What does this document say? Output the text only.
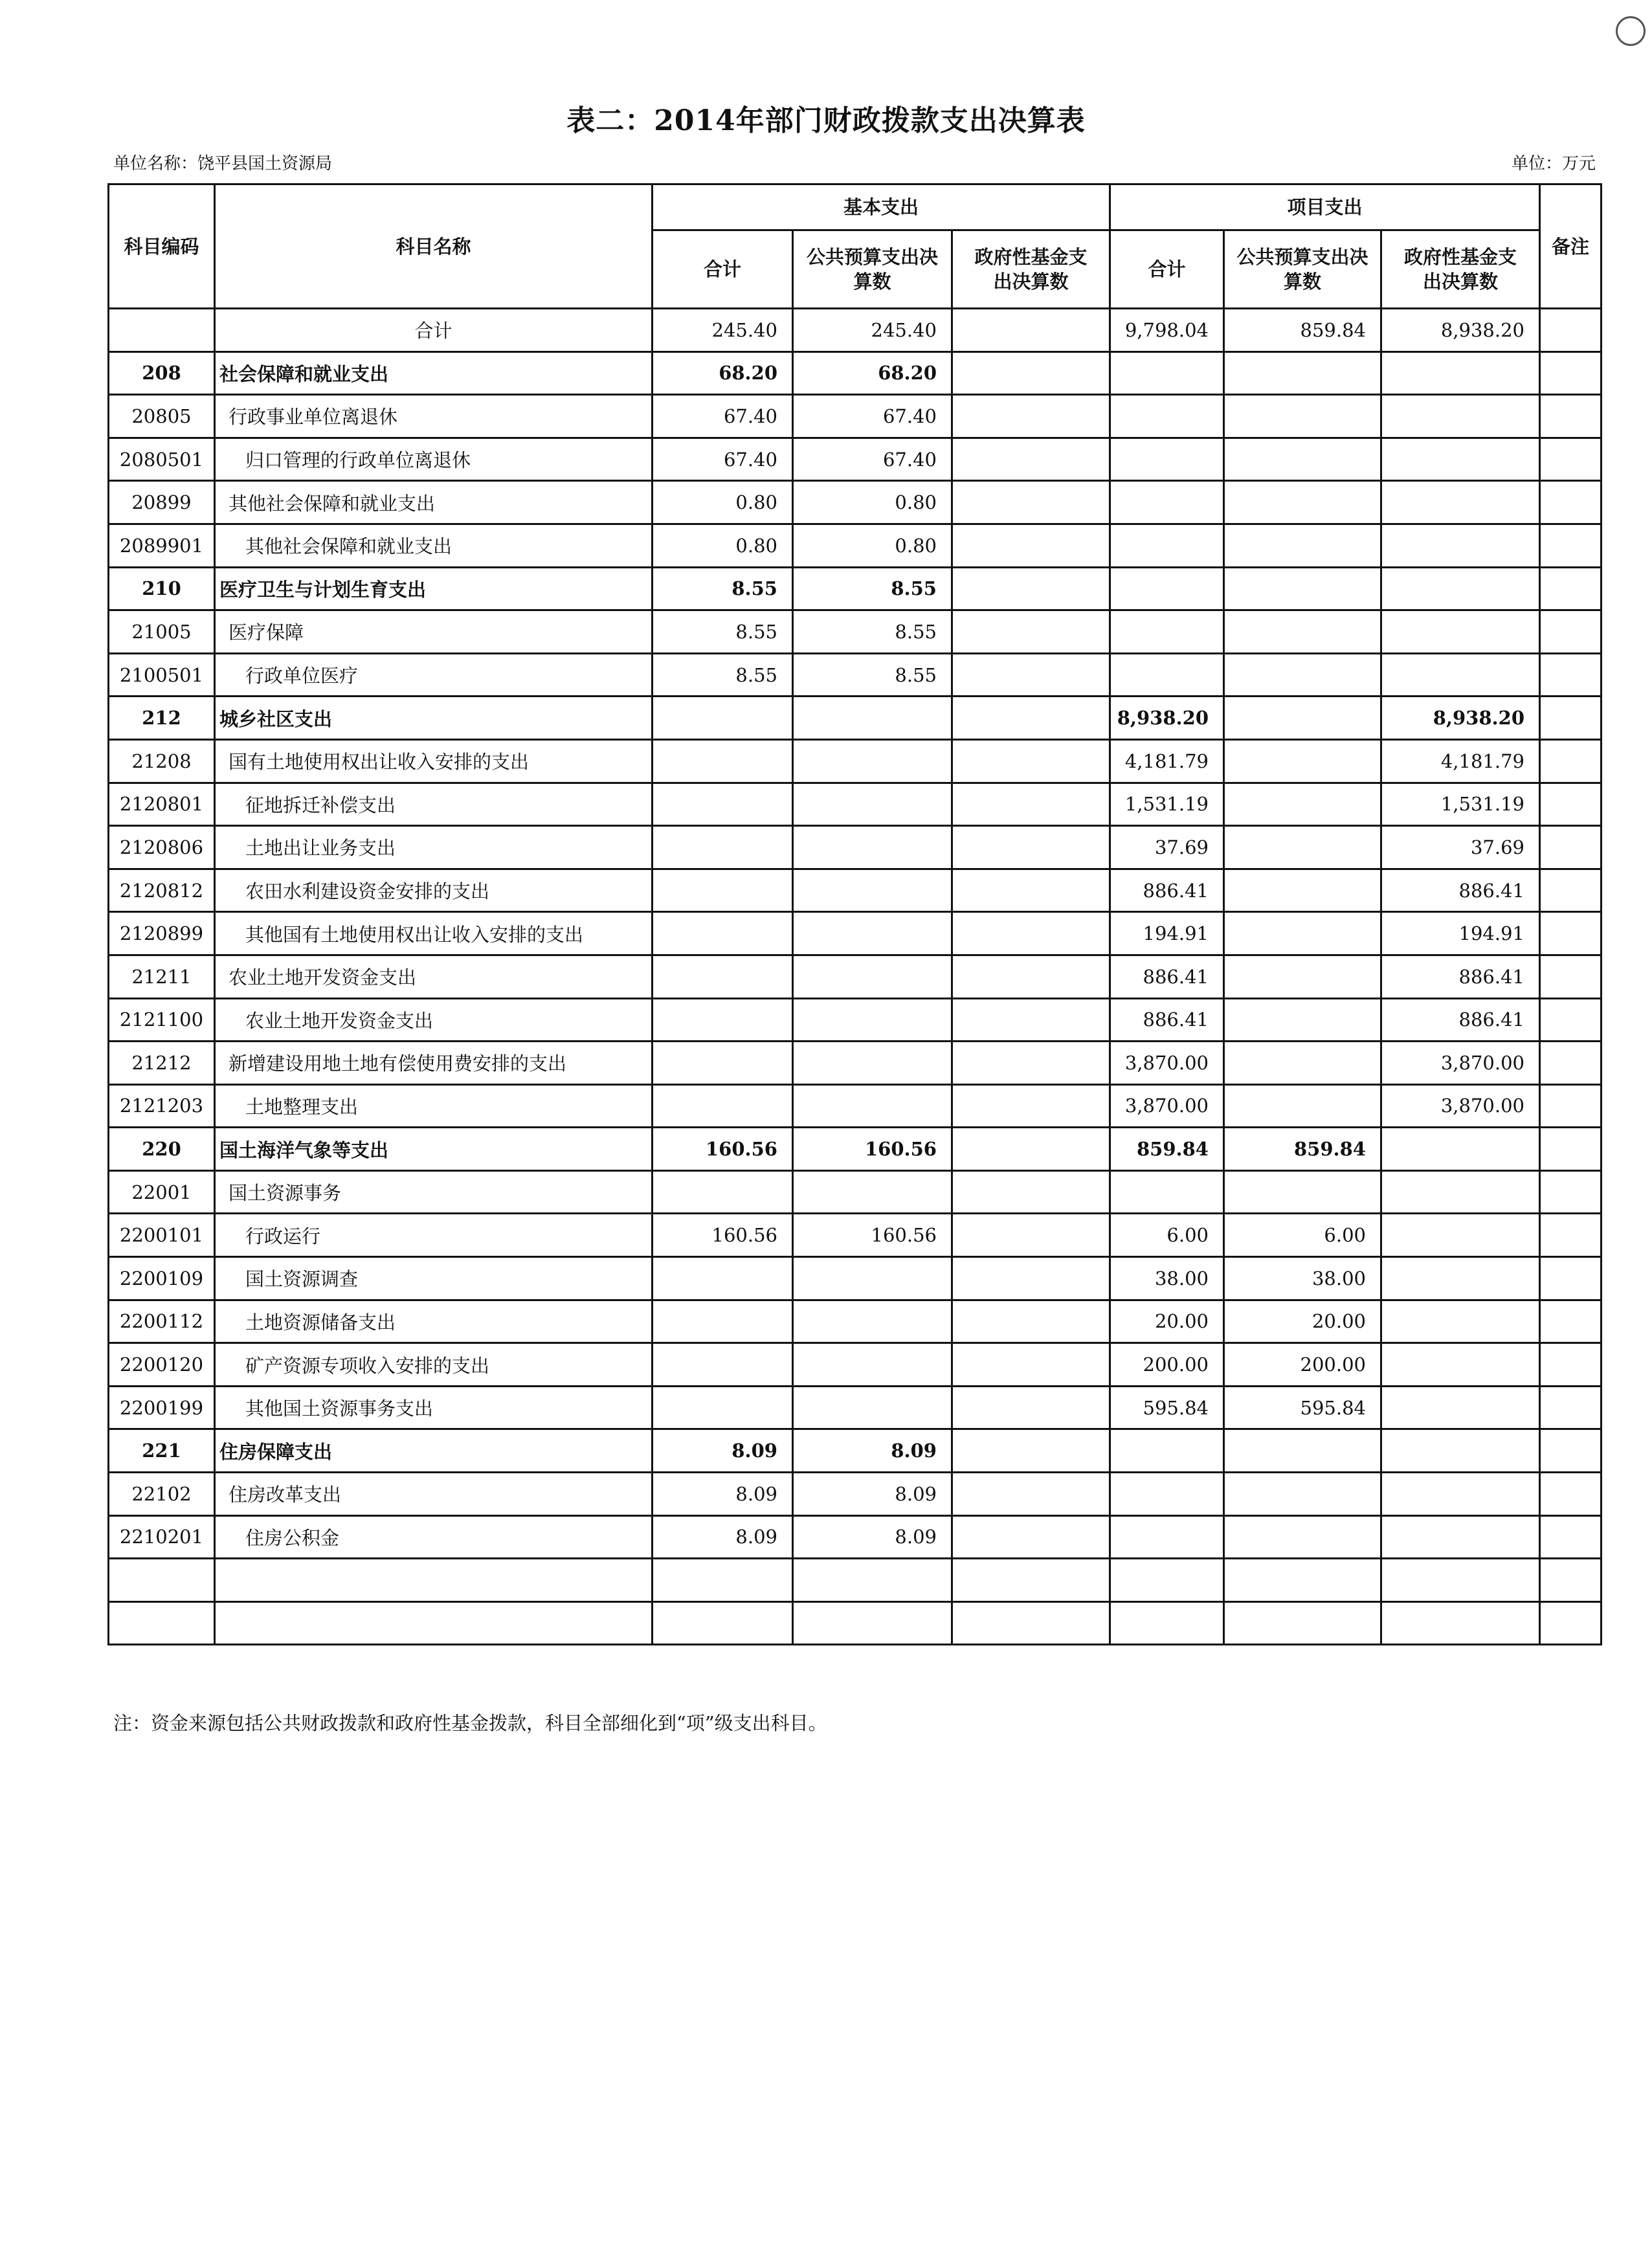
表二：2014年部门财政拨款支出决算表
单位名称：饶平县国土资源局	单位：万元
科目编码	科目名称	基本支出			项目支出			备注
		合计	公共预算支出决算数	政府性基金支出决算数	合计	公共预算支出决算数	政府性基金支出决算数	
	合计	245.40	245.40		9,798.04	859.84	8,938.20	
208	社会保障和就业支出	68.20	68.20					
20805	行政事业单位离退休	67.40	67.40					
2080501	归口管理的行政单位离退休	67.40	67.40					
20899	其他社会保障和就业支出	0.80	0.80					
2089901	其他社会保障和就业支出	0.80	0.80					
210	医疗卫生与计划生育支出	8.55	8.55					
21005	医疗保障	8.55	8.55					
2100501	行政单位医疗	8.55	8.55					
212	城乡社区支出				8,938.20		8,938.20	
21208	国有土地使用权出让收入安排的支出				4,181.79		4,181.79	
2120801	征地拆迁补偿支出				1,531.19		1,531.19	
2120806	土地出让业务支出				37.69		37.69	
2120812	农田水利建设资金安排的支出				886.41		886.41	
2120899	其他国有土地使用权出让收入安排的支出				194.91		194.91	
21211	农业土地开发资金支出				886.41		886.41	
2121100	农业土地开发资金支出				886.41		886.41	
21212	新增建设用地土地有偿使用费安排的支出				3,870.00		3,870.00	
2121203	土地整理支出				3,870.00		3,870.00	
220	国土海洋气象等支出	160.56	160.56		859.84	859.84		
22001	国土资源事务							
2200101	行政运行	160.56	160.56		6.00	6.00		
2200109	国土资源调查				38.00	38.00		
2200112	土地资源储备支出				20.00	20.00		
2200120	矿产资源专项收入安排的支出				200.00	200.00		
2200199	其他国土资源事务支出				595.84	595.84		
221	住房保障支出	8.09	8.09					
22102	住房改革支出	8.09	8.09					
2210201	住房公积金	8.09	8.09					

注：资金来源包括公共财政拨款和政府性基金拨款，科目全部细化到“项”级支出科目。
